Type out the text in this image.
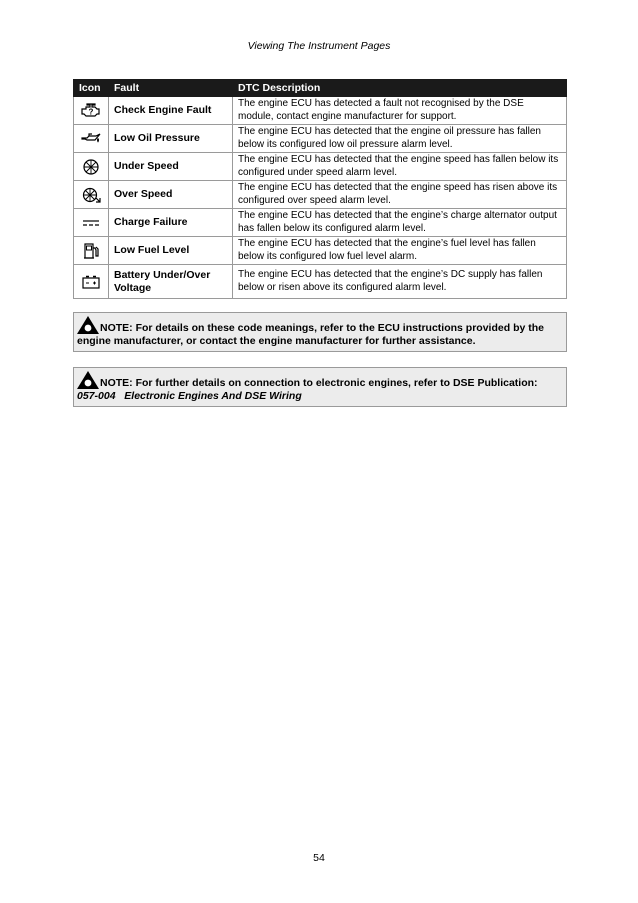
Viewing The Instrument Pages
Icon	Fault	DTC Description

?	Check Engine Fault	The engine ECU has detected a fault not recognised by the DSE module, contact engine manufacturer for support.

	Low Oil Pressure	The engine ECU has detected that the engine oil pressure has fallen below its configured low oil pressure alarm level.

	Under Speed	The engine ECU has detected that the engine speed has fallen below its configured under speed alarm level.

	Over Speed	The engine ECU has detected that the engine speed has risen above its configured over speed alarm level.

	Charge Failure	The engine ECU has detected that the engine’s charge alternator output has fallen below its configured alarm level.

	Low Fuel Level	The engine ECU has detected that the engine’s fuel level has fallen below its configured low fuel level alarm.

	Battery Under/Over Voltage	The engine ECU has detected that the engine’s DC supply has fallen below or risen above its configured alarm level.
NOTE: For details on these code meanings, refer to the ECU instructions provided by the engine manufacturer, or contact the engine manufacturer for further assistance.
NOTE: For further details on connection to electronic engines, refer to DSE Publication:
057-004   Electronic Engines And DSE Wiring
54
